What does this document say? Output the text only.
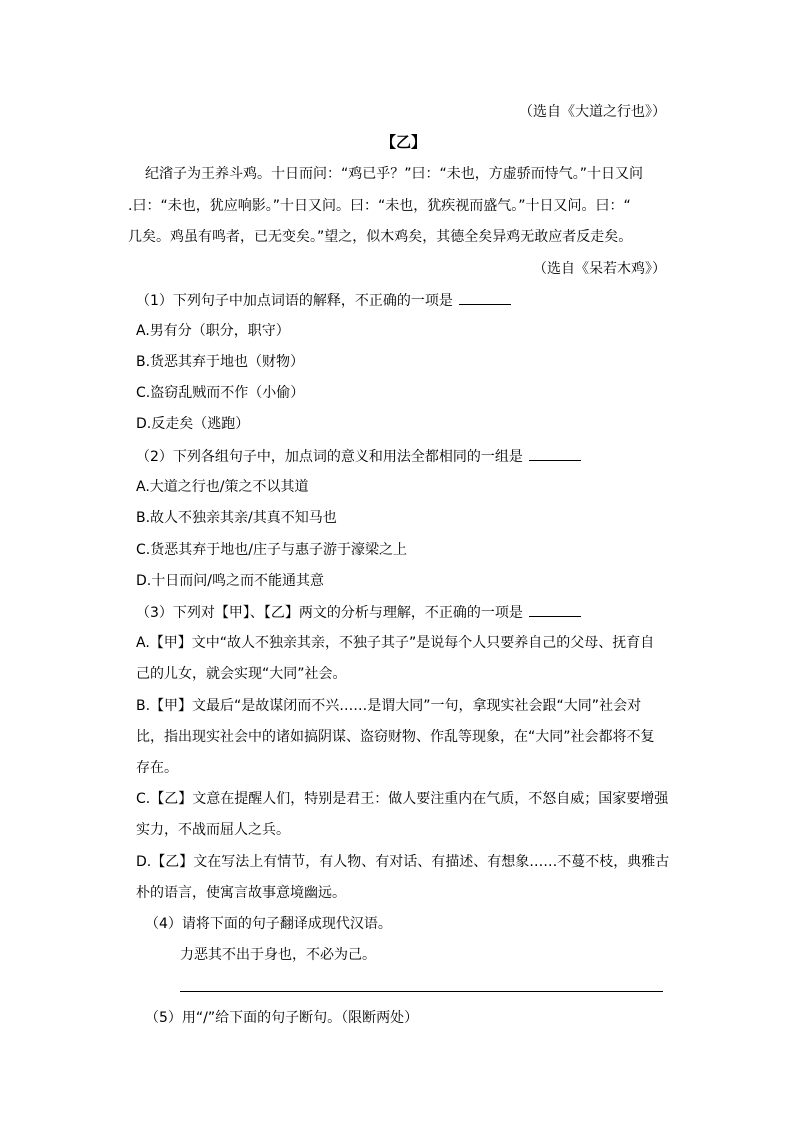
（选自《大道之行也》）
【乙】
纪渻子为王养斗鸡。十日而问：“鸡已乎？”曰：“未也，方虚骄而恃气。”十日又问
.曰：“未也，犹应响影。”十日又问。曰：“未也，犹疾视而盛气。”十日又问。曰：“
几矣。鸡虽有鸣者，已无变矣。”望之，似木鸡矣，其德全矣异鸡无敢应者反走矣。
（选自《呆若木鸡》）
（1）下列句子中加点词语的解释，不正确的一项是
A.男有分（职分，职守）
B.货恶其弃于地也（财物）
C.盗窃乱贼而不作（小偷）
D.反走矣（逃跑）
（2）下列各组句子中，加点词的意义和用法全都相同的一组是
A.大道之行也/策之不以其道
B.故人不独亲其亲/其真不知马也
C.货恶其弃于地也/庄子与惠子游于濠梁之上
D.十日而问/鸣之而不能通其意
（3）下列对【甲】、【乙】两文的分析与理解，不正确的一项是
A.【甲】文中“故人不独亲其亲，不独子其子”是说每个人只要养自己的父母、抚育自
己的儿女，就会实现“大同”社会。
B.【甲】文最后“是故谋闭而不兴……是谓大同”一句，拿现实社会跟“大同”社会对
比，指出现实社会中的诸如搞阴谋、盗窃财物、作乱等现象，在“大同”社会都将不复
存在。
C.【乙】文意在提醒人们，特别是君王：做人要注重内在气质，不怒自威；国家要增强
实力，不战而屈人之兵。
D.【乙】文在写法上有情节，有人物、有对话、有描述、有想象……不蔓不枝，典雅古
朴的语言，使寓言故事意境幽远。
（4）请将下面的句子翻译成现代汉语。
力恶其不出于身也，不必为己。
（5）用“/”给下面的句子断句。（限断两处）
